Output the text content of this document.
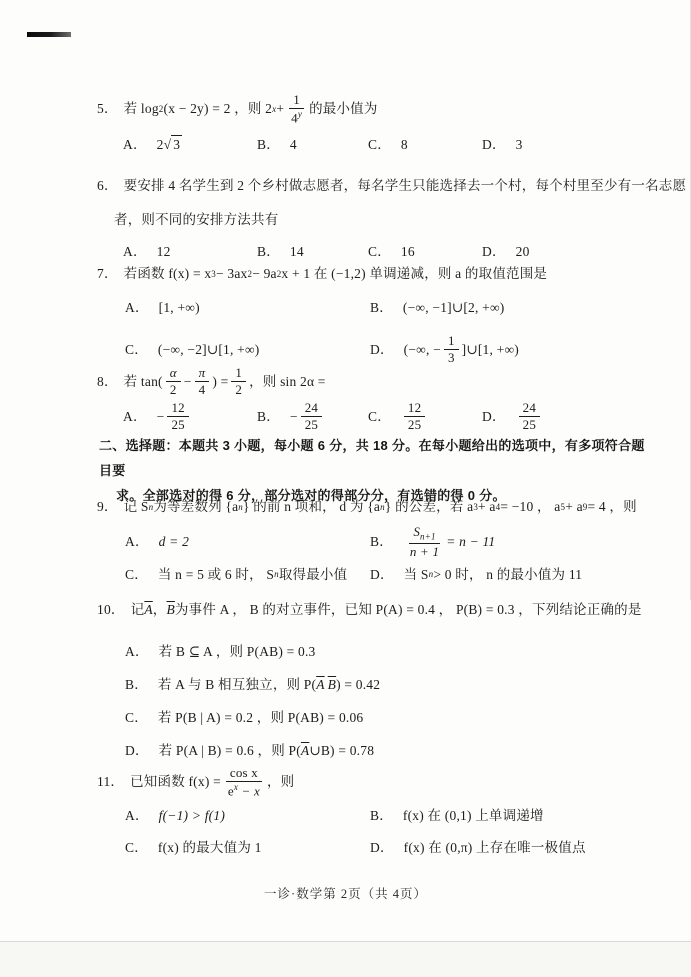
5． 若 log 2 (x − 2y) = 2 ，则 2 $x + \frac{1}{4^y}$ 的最小值为
A． 2 √ 3	B． 4	C． 8	D． 3
6． 要安排 4 名学生到 2 个乡村做志愿者，每名学生只能选择去一个村，每个村里至少有一名志愿
者，则不同的安排方法共有
A． 12	B． 14	C． 16	D． 20
7． 若函数 f(x) = x 3 − 3ax 2 − 9a 2 x + 1 在 (−1,2) 单调递减，则 a 的取值范围是
A． [1, +∞)	B． (−∞, −1]∪[2, +∞)
C． (−∞, −2]∪[1, +∞)	D． (−∞, − $\frac{1}{3}$ ]∪[1, +∞)
8． 若 $\tan( \frac{\alpha}{2} - \frac{\pi}{4}$ ) = $\frac{1}{2}$ ，则 sin 2α =
A． − $\frac{12}{25}$	B． − $\frac{24}{25}$	C． $\frac{12}{25}$	D． $\frac{24}{25}$
二、选择题：本题共 3 小题，每小题 6 分，共 18 分。在每小题给出的选项中，有多项符合题目要
求。全部选对的得 6 分，部分选对的得部分分，有选错的得 0 分。
9． 记 S n 为等差数列 {a n } 的前 n 项和， d 为 {a n } 的公差，若 a 3 + a 4 = −10 ， a 5 + a 9 = 4 ，则
A． d = 2	B． $\frac{S_{n+1}}{n + 1} = n - 11$
C． 当 n = 5 或 6 时， S n 取得最小值 D． 当 S n > 0 时， n 的最小值为 11
10． 记 $\overline{A}$ ， $\overline{B}$ 为事件 A ， B 的对立事件，已知 P(A) = 0.4 ， P(B) = 0.3 ，下列结论正确的是
A． 若 B ⊆ A ，则 P(AB) = 0.3
B． 若 A 与 B 相互独立，则 P( $\overline{A}$ $\overline{B}$ ) = 0.42
C． 若 P(B | A) = 0.2 ，则 P(AB) = 0.06
D． 若 P(A | B) = 0.6 ，则 P( $\overline{A}$ ∪B) = 0.78
11． 已知函数 $f(x) = \frac{\text{cos x}}{e^x - x}$ ，则
A． f(−1) > f(1)	B． f(x) 在 (0,1) 上单调递增
C． f(x) 的最大值为 1	D． f(x) 在 (0,π) 上存在唯一极值点
一诊·数学第 2页（共 4页）
